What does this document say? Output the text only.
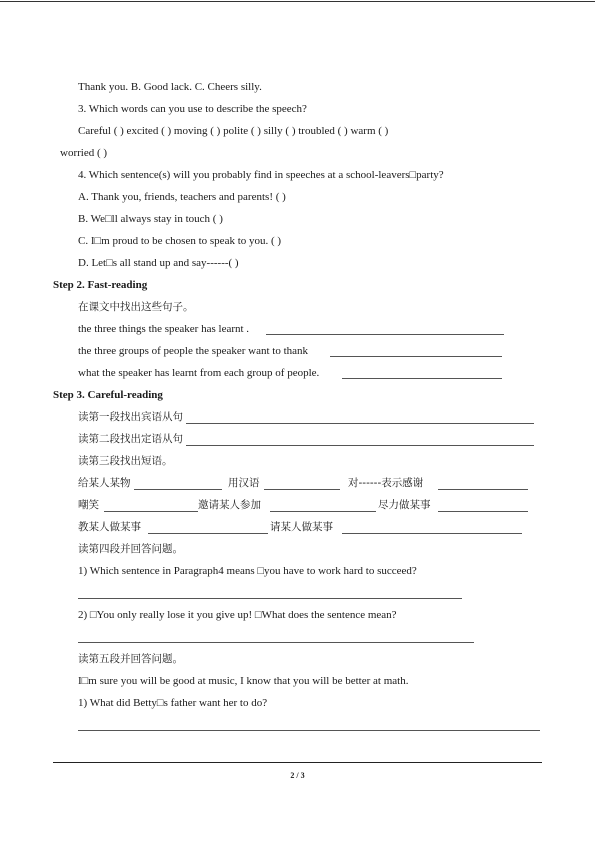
Thank you. B. Good lack. C. Cheers silly.
3. Which words can you use to describe the speech?
Careful ( ) excited ( ) moving ( ) polite ( ) silly ( ) troubled ( ) warm ( )
worried ( )
4. Which sentence(s) will you probably find in speeches at a school-leavers□party?
A. Thank you, friends, teachers and parents! ( )
B. We□ll always stay in touch ( )
C. I□m proud to be chosen to speak to you. ( )
D. Let□s all stand up and say------( )
Step 2. Fast-reading
在课文中找出这些句子。
the three things the speaker has learnt .
the three groups of people the speaker want to thank
what the speaker has learnt from each group of people.
Step 3. Careful-reading
读第一段找出宾语从句
读第二段找出定语从句
读第三段找出短语。
给某人某物	用汉语	对------表示感谢
嘲笑	邀请某人参加	尽力做某事
教某人做某事	请某人做某事
读第四段并回答问题。
1) Which sentence in Paragraph4 means □you have to work hard to succeed?
2) □You only really lose it you give up! □What does the sentence mean?
读第五段并回答问题。
I□m sure you will be good at music, I know that you will be better at math.
1) What did Betty□s father want her to do?
2 / 3
